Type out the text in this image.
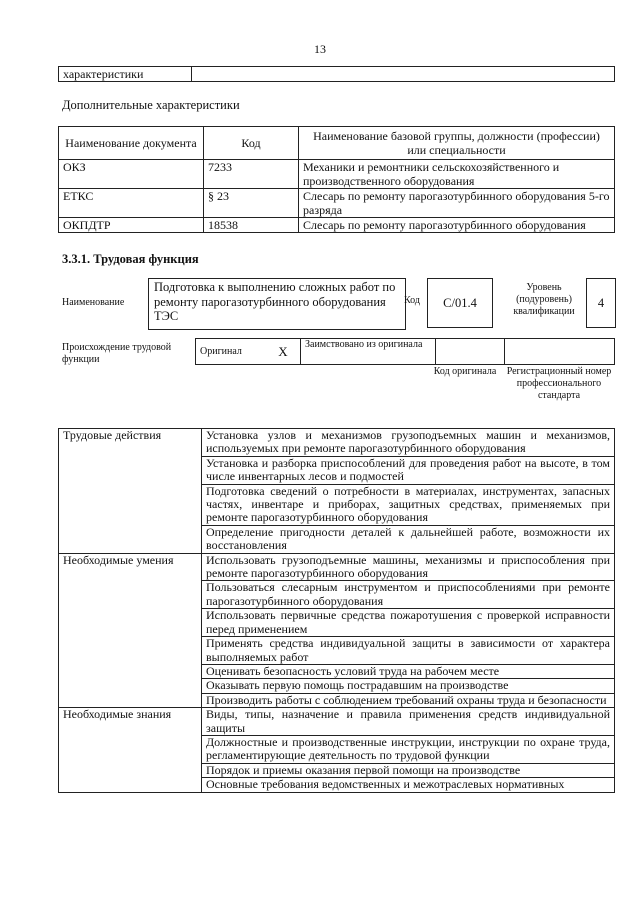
13
характеристики	
Дополнительные характеристики
Наименование документа	Код	Наименование базовой группы, должности (профессии) или специальности
ОКЗ	7233	Механики и ремонтники сельскохозяйственного и производственного оборудования
ЕТКС	§ 23	Слесарь по ремонту парогазотурбинного оборудования 5-го разряда
ОКПДТР	18538	Слесарь по ремонту парогазотурбинного оборудования
3.3.1. Трудовая функция
Наименование
Подготовка к выполнению сложных работ по ремонту парогазотурбинного оборудования ТЭС
Код	C/01.4
Уровень (подуровень) квалификации
4
Происхождение трудовой функции
Оригинал	X	Заимствовано из оригинала		
Код оригинала	Регистрационный номер профессионального стандарта
Трудовые действия	Установка узлов и механизмов грузоподъемных машин и механизмов, используемых при ремонте парогазотурбинного оборудования
	Установка и разборка приспособлений для проведения работ на высоте, в том числе инвентарных лесов и подмостей
	Подготовка сведений о потребности в материалах, инструментах, запасных частях, инвентаре и приборах, защитных средствах, применяемых при ремонте парогазотурбинного оборудования
	Определение пригодности деталей к дальнейшей работе, возможности их восстановления
Необходимые умения	Использовать грузоподъемные машины, механизмы и приспособления при ремонте парогазотурбинного оборудования
	Пользоваться слесарным инструментом и приспособлениями при ремонте парогазотурбинного оборудования
	Использовать первичные средства пожаротушения с проверкой исправности перед применением
	Применять средства индивидуальной защиты в зависимости от характера выполняемых работ
	Оценивать безопасность условий труда на рабочем месте
	Оказывать первую помощь пострадавшим на производстве
	Производить работы с соблюдением требований охраны труда и безопасности
Необходимые знания	Виды, типы, назначение и правила применения средств индивидуальной защиты
	Должностные и производственные инструкции, инструкции по охране труда, регламентирующие деятельность по трудовой функции
	Порядок и приемы оказания первой помощи на производстве
	Основные требования ведомственных и межотраслевых нормативных
